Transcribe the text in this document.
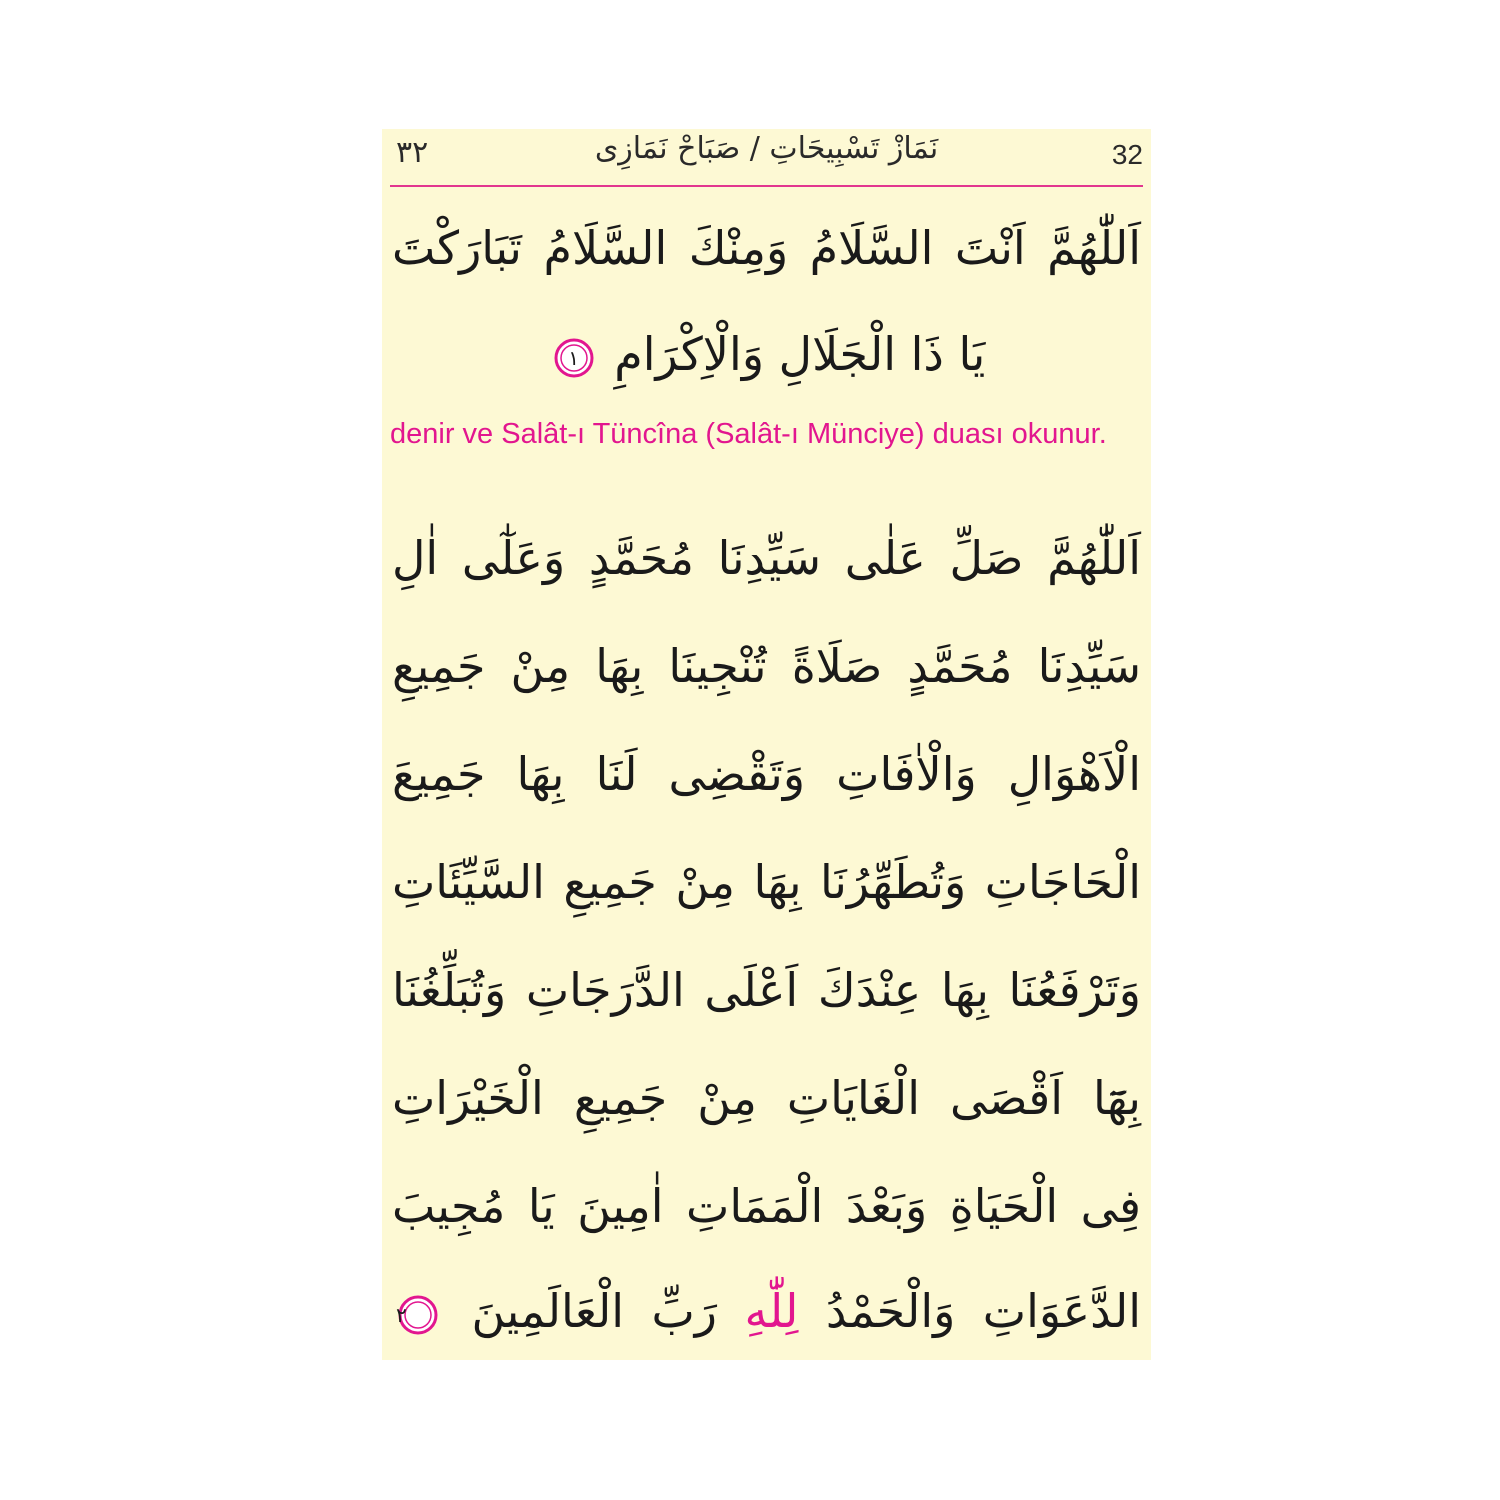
٣٢	نَمَازْ تَسْبِيحَاتِ / صَبَاحْ نَمَازِى	32
اَللّٰهُمَّ اَنْتَ السَّلَامُ وَمِنْكَ السَّلَامُ تَبَارَكْتَ
يَا ذَا الْجَلَالِ وَالْاِكْرَامِ
١
denir ve Salât-ı Tüncîna (Salât-ı Münciye) duası okunur.
اَللّٰهُمَّ صَلِّ عَلٰى سَيِّدِنَا مُحَمَّدٍ وَعَلٰٓى اٰلِ
سَيِّدِنَا مُحَمَّدٍ صَلَاةً تُنْجِينَا بِهَا مِنْ جَمِيعِ
الْاَهْوَالِ وَالْاٰفَاتِ وَتَقْضِى لَنَا بِهَا جَمِيعَ
الْحَاجَاتِ وَتُطَهِّرُنَا بِهَا مِنْ جَمِيعِ السَّيِّئَاتِ
وَتَرْفَعُنَا بِهَا عِنْدَكَ اَعْلَى الدَّرَجَاتِ وَتُبَلِّغُنَا
بِهَٓا اَقْصَى الْغَايَاتِ مِنْ جَمِيعِ الْخَيْرَاتِ
فِى الْحَيَاةِ وَبَعْدَ الْمَمَاتِ اٰمِينَ يَا مُجِيبَ
الدَّعَوَاتِ وَالْحَمْدُ لِلّٰهِ رَبِّ الْعَالَمِينَ
٢
